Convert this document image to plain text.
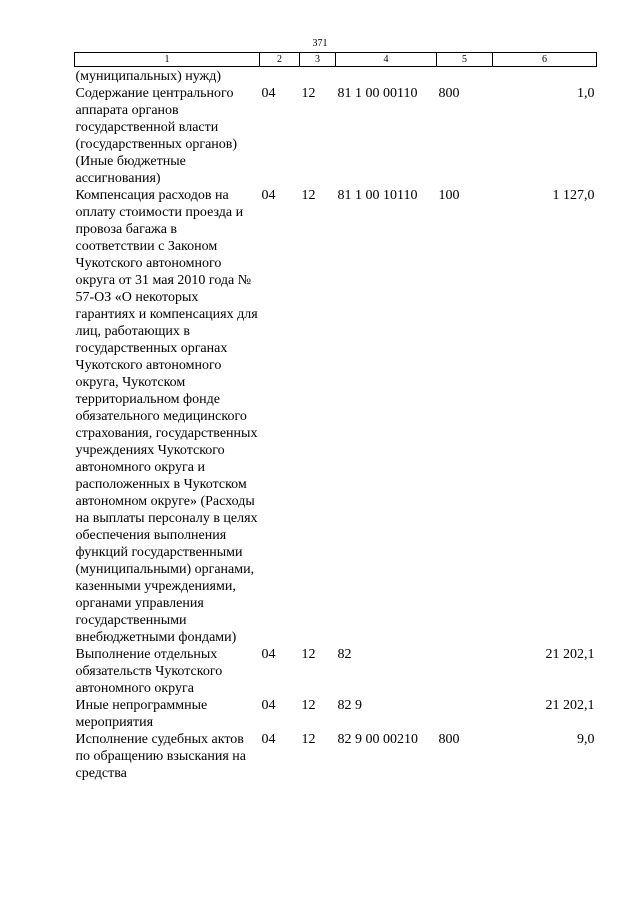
371
1	2	3	4	5	6
(муниципальных) нужд)					
Содержание центрального аппарата органов государственной власти (государственных органов) (Иные бюджетные ассигнования)	04	12	81 1 00 00110	800	1,0
Компенсация расходов на оплату стоимости проезда и провоза багажа в соответствии с Законом Чукотского автономного округа от 31 мая 2010 года № 57-ОЗ «О некоторых гарантиях и компенсациях для лиц, работающих в государственных органах Чукотского автономного округа, Чукотском территориальном фонде обязательного медицинского страхования, государственных учреждениях Чукотского автономного округа и расположенных в Чукотском автономном округе» (Расходы на выплаты персоналу в целях обеспечения выполнения функций государственными (муниципальными) органами, казенными учреждениями, органами управления государственными внебюджетными фондами)	04	12	81 1 00 10110	100	1 127,0
Выполнение отдельных обязательств Чукотского автономного округа	04	12	82		21 202,1
Иные непрограммные мероприятия	04	12	82 9		21 202,1
Исполнение судебных актов по обращению взыскания на средства	04	12	82 9 00 00210	800	9,0
